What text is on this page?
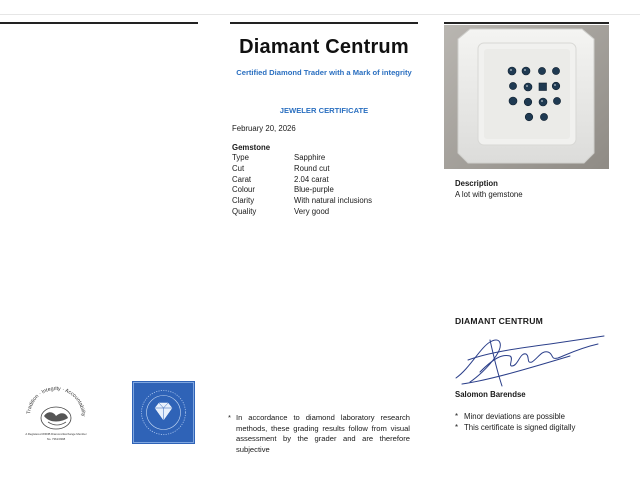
Diamant Centrum
Certified Diamond Trader with a Mark of integrity
JEWELER CERTIFICATE
February 20, 2026
Gemstone
Type	Sapphire
Cut	Round cut
Carat	2.04 carat
Colour	Blue-purple
Clarity	With natural inclusions
Quality	Very good
* In accordance to diamond laboratory research methods, these grading results follow from visual assessment by the grader and are therefore subjective
Description
A lot with gemstone
DIAMANT CENTRUM
Salomon Barendse
* Minor deviations are possible
* This certificate is signed digitally
Tradition · Integrity · Accountability
A Registered WFDB Diamond Exchange Member
No. 7361/0398
